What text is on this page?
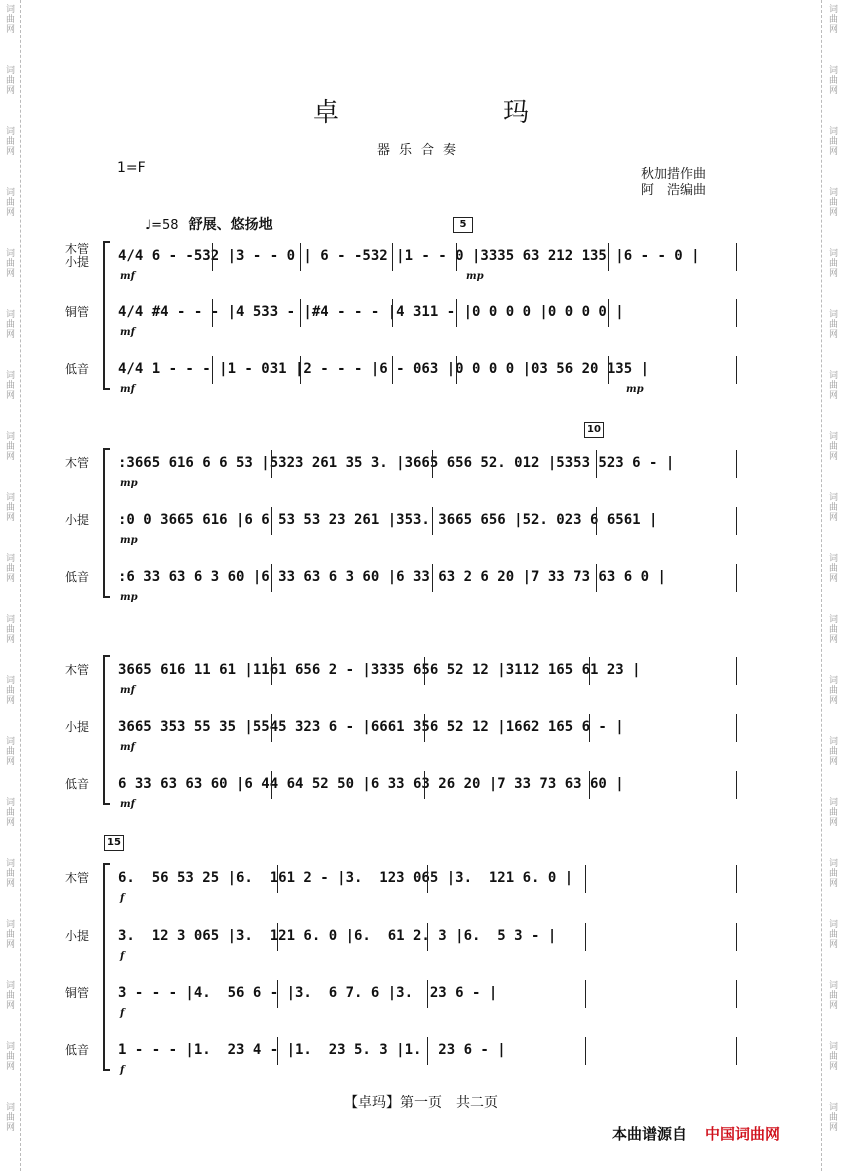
词曲网
词曲网
词曲网
词曲网
词曲网
词曲网
词曲网
词曲网
词曲网
词曲网
词曲网
词曲网
词曲网
词曲网
词曲网
词曲网
词曲网
词曲网
词曲网
词曲网
词曲网
词曲网
词曲网
词曲网
词曲网
词曲网
词曲网
词曲网
词曲网
词曲网
词曲网
词曲网
词曲网
词曲网
词曲网
词曲网
词曲网
词曲网
卓	玛
器乐合奏
1=F	秋加措作曲
阿　浩编曲
♩=58 舒展、悠扬地	5
10
15
木管
小提 4/4 6 - -532 |3 - - 0 | 6 - -532 |1 - - 0 |3335 63 212 135 |6 - - 0 |
mf	mp
铜管 4/4 #4 - - - |4 533 - |#4 - - - |4 311 - |0 0 0 0 |0 0 0 0 |
mf
低音 4/4 1 - - - |1 - 031 |2 - - - |6 - 063 |0 0 0 0 |03 56 20 135 |
mf	mp
木管 :3665 616 6 6 53 |5323 261 35 3. |3665 656 52. 012 |5353 523 6 - |
mp
小提 :0 0 3665 616 |6 6 53 53 23 261 |353. 3665 656 |52. 023 6 6561 |
mp
低音 :6 33 63 6 3 60 |6 33 63 6 3 60 |6 33 63 2 6 20 |7 33 73 63 6 0 |
mp
木管 3665 616 11 61 |1161 656 2 - |3335 656 52 12 |3112 165 61 23 |
mf
小提 3665 353 55 35 |5545 323 6 - |6661 356 52 12 |1662 165 6 - |
mf
低音 6 33 63 63 60 |6 44 64 52 50 |6 33 63 26 20 |7 33 73 63 60 |
mf
木管 6.  56 53 25 |6.  161 2 - |3.  123 065 |3.  121 6. 0 |
f
小提 3.  12 3 065 |3.  121 6. 0 |6.  61 2. 3 |6.  5 3 - |
f
铜管 3 - - - |4.  56 6 - |3.  6 7. 6 |3.  23 6 - |
f
低音 1 - - - |1.  23 4 - |1.  23 5. 3 |1.  23 6 - |
f
【卓玛】第一页　共二页
本曲谱源自 中国词曲网
